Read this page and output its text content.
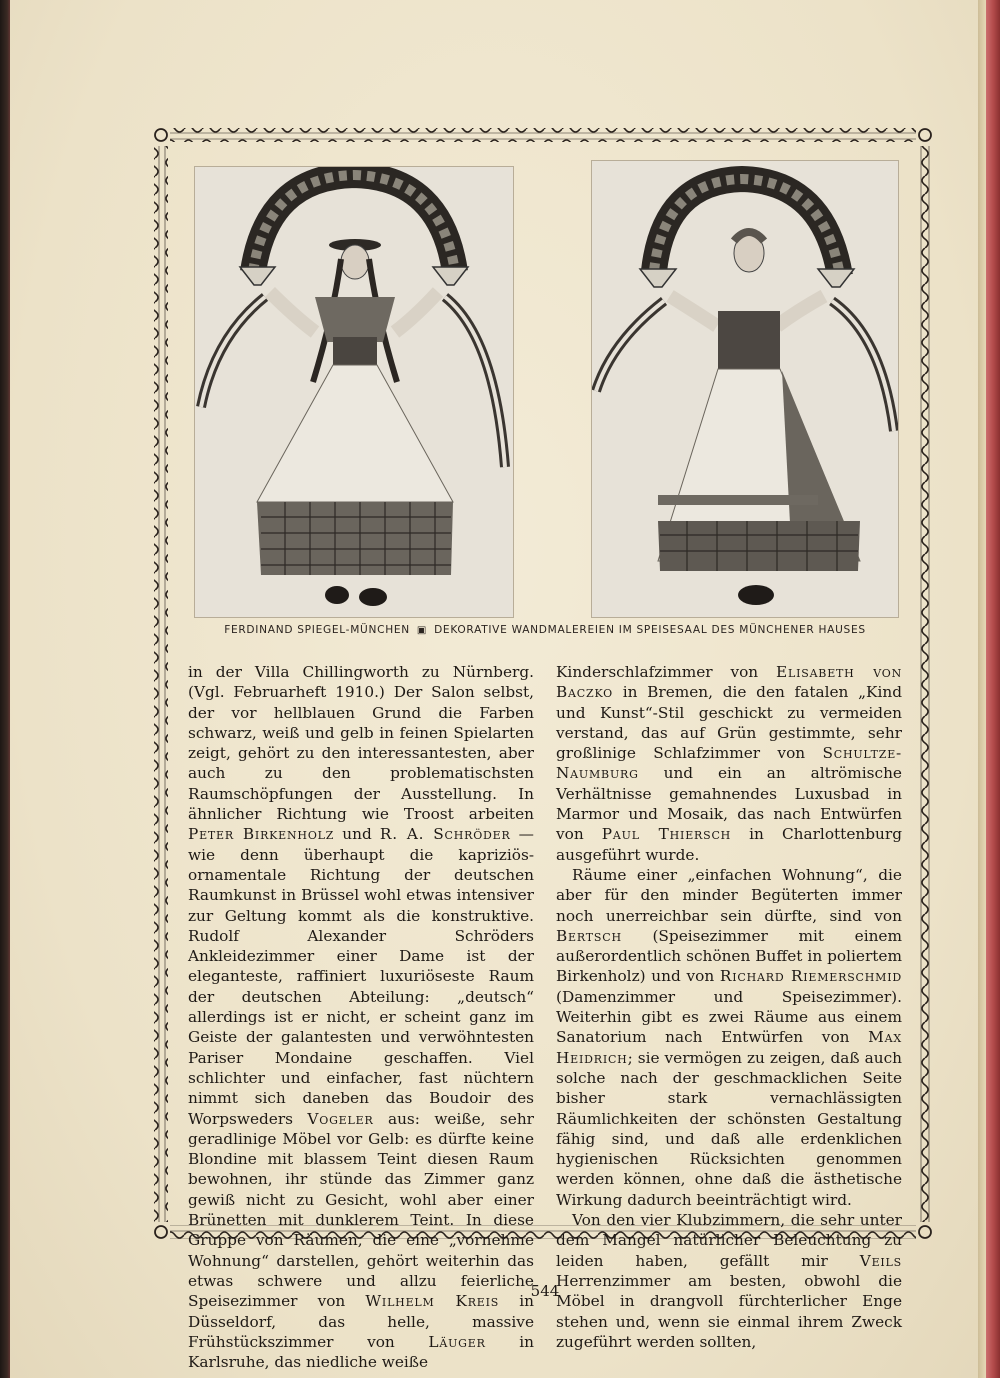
FERDINAND SPIEGEL-MÜNCHEN ▣ DEKORATIVE WANDMALEREIEN IM SPEISESAAL DES MÜNCHENER HAUSES

in der Villa Chillingworth zu Nürnberg. (Vgl. Februarheft 1910.) Der Salon selbst, der vor hellblauen Grund die Farben schwarz, weiß und gelb in feinen Spielarten zeigt, gehört zu den interessantesten, aber auch zu den problematischsten Raumschöpfungen der Ausstellung. In ähnlicher Richtung wie Troost arbeiten Peter Birkenholz und R. A. Schröder — wie denn überhaupt die kapriziös-ornamentale Richtung der deutschen Raumkunst in Brüssel wohl etwas intensiver zur Geltung kommt als die konstruktive. Rudolf Alexander Schröders Ankleidezimmer einer Dame ist der eleganteste, raffiniert luxuriöseste Raum der deutschen Abteilung: „deutsch“ allerdings ist er nicht, er scheint ganz im Geiste der galantesten und verwöhntesten Pariser Mondaine geschaffen. Viel schlichter und einfacher, fast nüchtern nimmt sich daneben das Boudoir des Worpsweders Vogeler aus: weiße, sehr geradlinige Möbel vor Gelb: es dürfte keine Blondine mit blassem Teint diesen Raum bewohnen, ihr stünde das Zimmer ganz gewiß nicht zu Gesicht, wohl aber einer Brünetten mit dunklerem Teint. In diese Gruppe von Räumen, die eine „vornehme Wohnung“ darstellen, gehört weiterhin das etwas schwere und allzu feierliche Speisezimmer von Wilhelm Kreis in Düsseldorf, das helle, massive Frühstückszimmer von Läuger in Karlsruhe, das niedliche weiße

Kinderschlafzimmer von Elisabeth von Baczko in Bremen, die den fatalen „Kind und Kunst“-Stil geschickt zu vermeiden verstand, das auf Grün gestimmte, sehr großlinige Schlafzimmer von Schultze-Naumburg und ein an altrömische Verhältnisse gemahnendes Luxusbad in Marmor und Mosaik, das nach Entwürfen von Paul Thiersch in Charlottenburg ausgeführt wurde.

Räume einer „einfachen Wohnung“, die aber für den minder Begüterten immer noch unerreichbar sein dürfte, sind von Bertsch (Speisezimmer mit einem außerordentlich schönen Buffet in poliertem Birkenholz) und von Richard Riemerschmid (Damenzimmer und Speisezimmer). Weiterhin gibt es zwei Räume aus einem Sanatorium nach Entwürfen von Max Heidrich; sie vermögen zu zeigen, daß auch solche nach der geschmacklichen Seite bisher stark vernachlässigten Räumlichkeiten der schönsten Gestaltung fähig sind, und daß alle erdenklichen hygienischen Rücksichten genommen werden können, ohne daß die ästhetische Wirkung dadurch beeinträchtigt wird.

Von den vier Klubzimmern, die sehr unter dem Mangel natürlicher Beleuchtung zu leiden haben, gefällt mir Veils Herrenzimmer am besten, obwohl die Möbel in drangvoll fürchterlicher Enge stehen und, wenn sie einmal ihrem Zweck zugeführt werden sollten,

544
